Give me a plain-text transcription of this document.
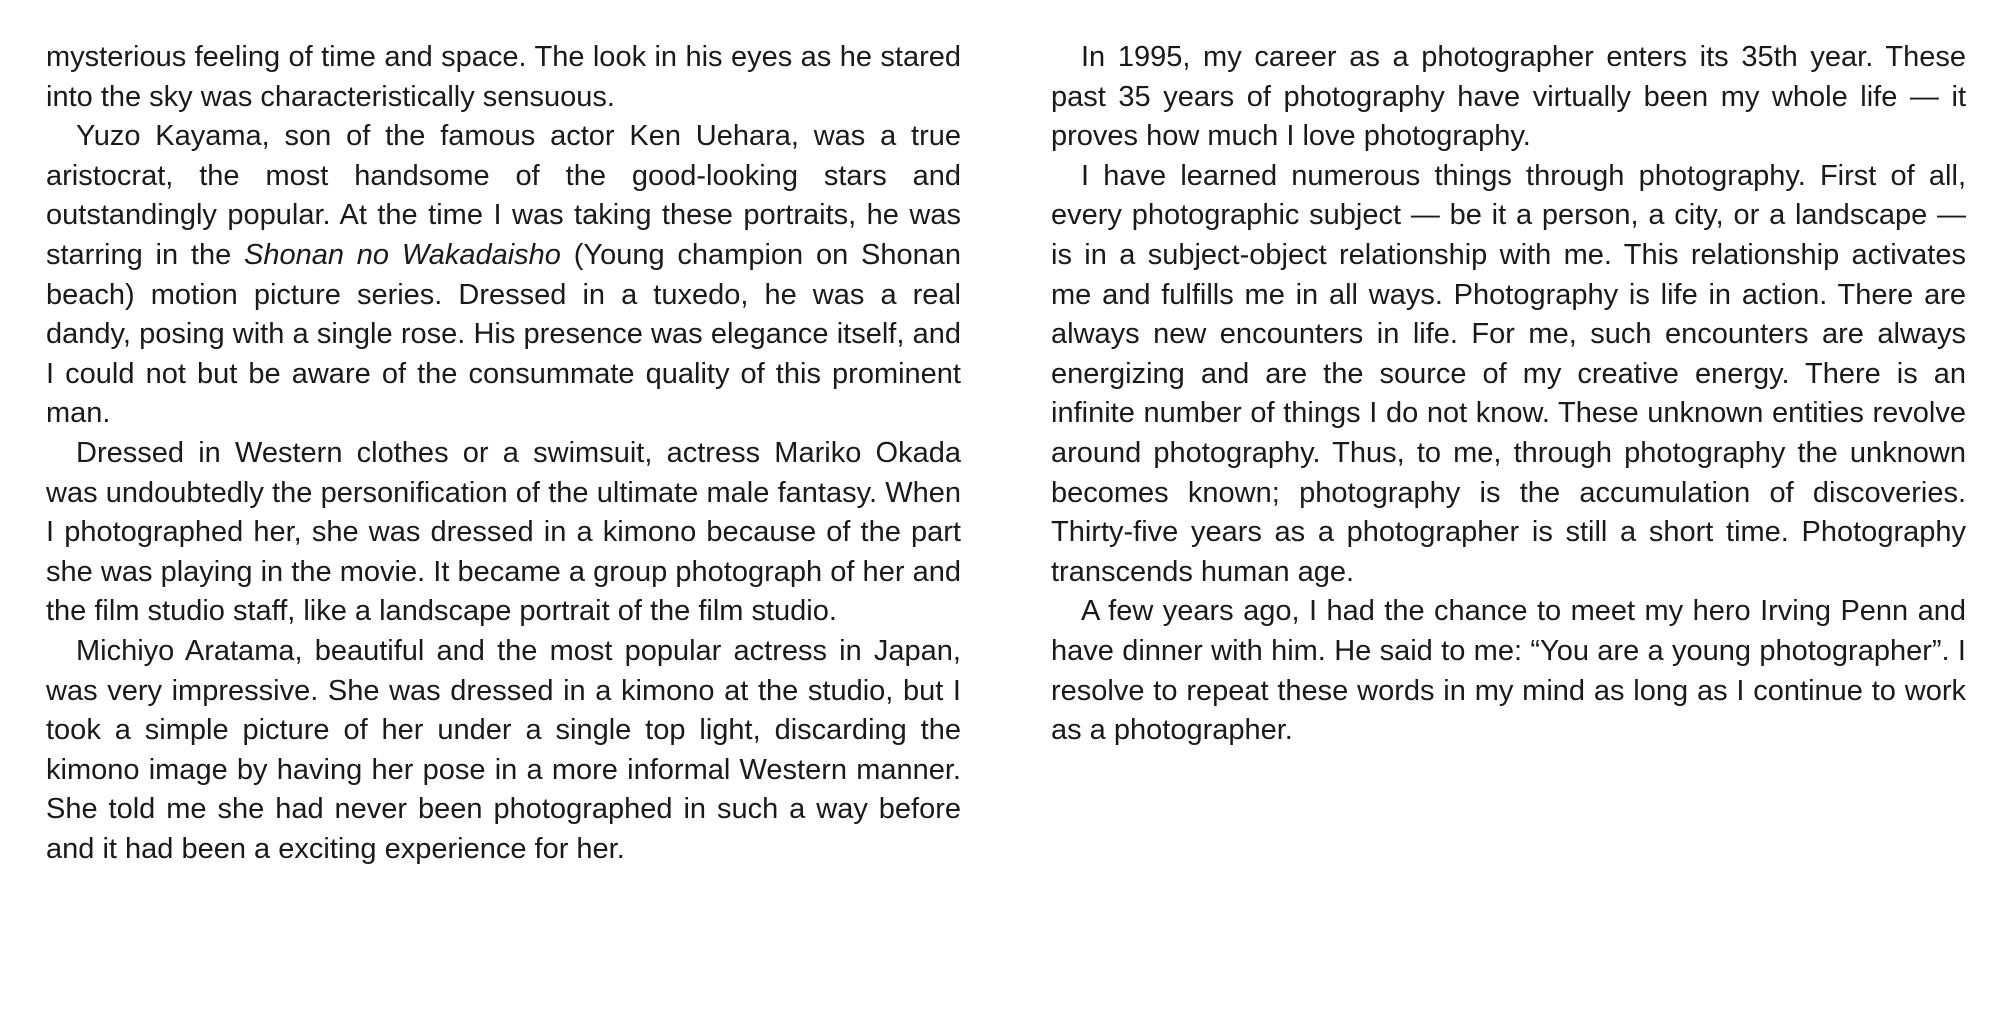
mysterious feeling of time and space. The look in his eyes as he stared into the sky was characteristically sensuous.

Yuzo Kayama, son of the famous actor Ken Uehara, was a true aristocrat, the most handsome of the good-looking stars and outstandingly popular. At the time I was taking these portraits, he was starring in the Shonan no Wakadaisho (Young champion on Shonan beach) motion picture series. Dressed in a tuxedo, he was a real dandy, posing with a single rose. His presence was elegance itself, and I could not but be aware of the consummate quality of this prominent man.

Dressed in Western clothes or a swimsuit, actress Mariko Okada was undoubtedly the personification of the ultimate male fantasy. When I photographed her, she was dressed in a kimono because of the part she was playing in the movie. It became a group photograph of her and the film studio staff, like a landscape portrait of the film studio.

Michiyo Aratama, beautiful and the most popular actress in Japan, was very impressive. She was dressed in a kimono at the studio, but I took a simple picture of her under a single top light, discarding the kimono image by having her pose in a more informal Western manner. She told me she had never been photographed in such a way before and it had been a exciting experience for her.

In 1995, my career as a photographer enters its 35th year. These past 35 years of photography have virtually been my whole life — it proves how much I love photography.

I have learned numerous things through photography. First of all, every photographic subject — be it a person, a city, or a landscape — is in a subject-object relationship with me. This relationship activates me and fulfills me in all ways. Photography is life in action. There are always new encounters in life. For me, such encounters are always energizing and are the source of my creative energy. There is an infinite number of things I do not know. These unknown entities revolve around photography. Thus, to me, through photography the unknown becomes known; photography is the accumulation of discoveries. Thirty-five years as a photographer is still a short time. Photography transcends human age.

A few years ago, I had the chance to meet my hero Irving Penn and have dinner with him. He said to me: “You are a young photographer”. I resolve to repeat these words in my mind as long as I continue to work as a photographer.
